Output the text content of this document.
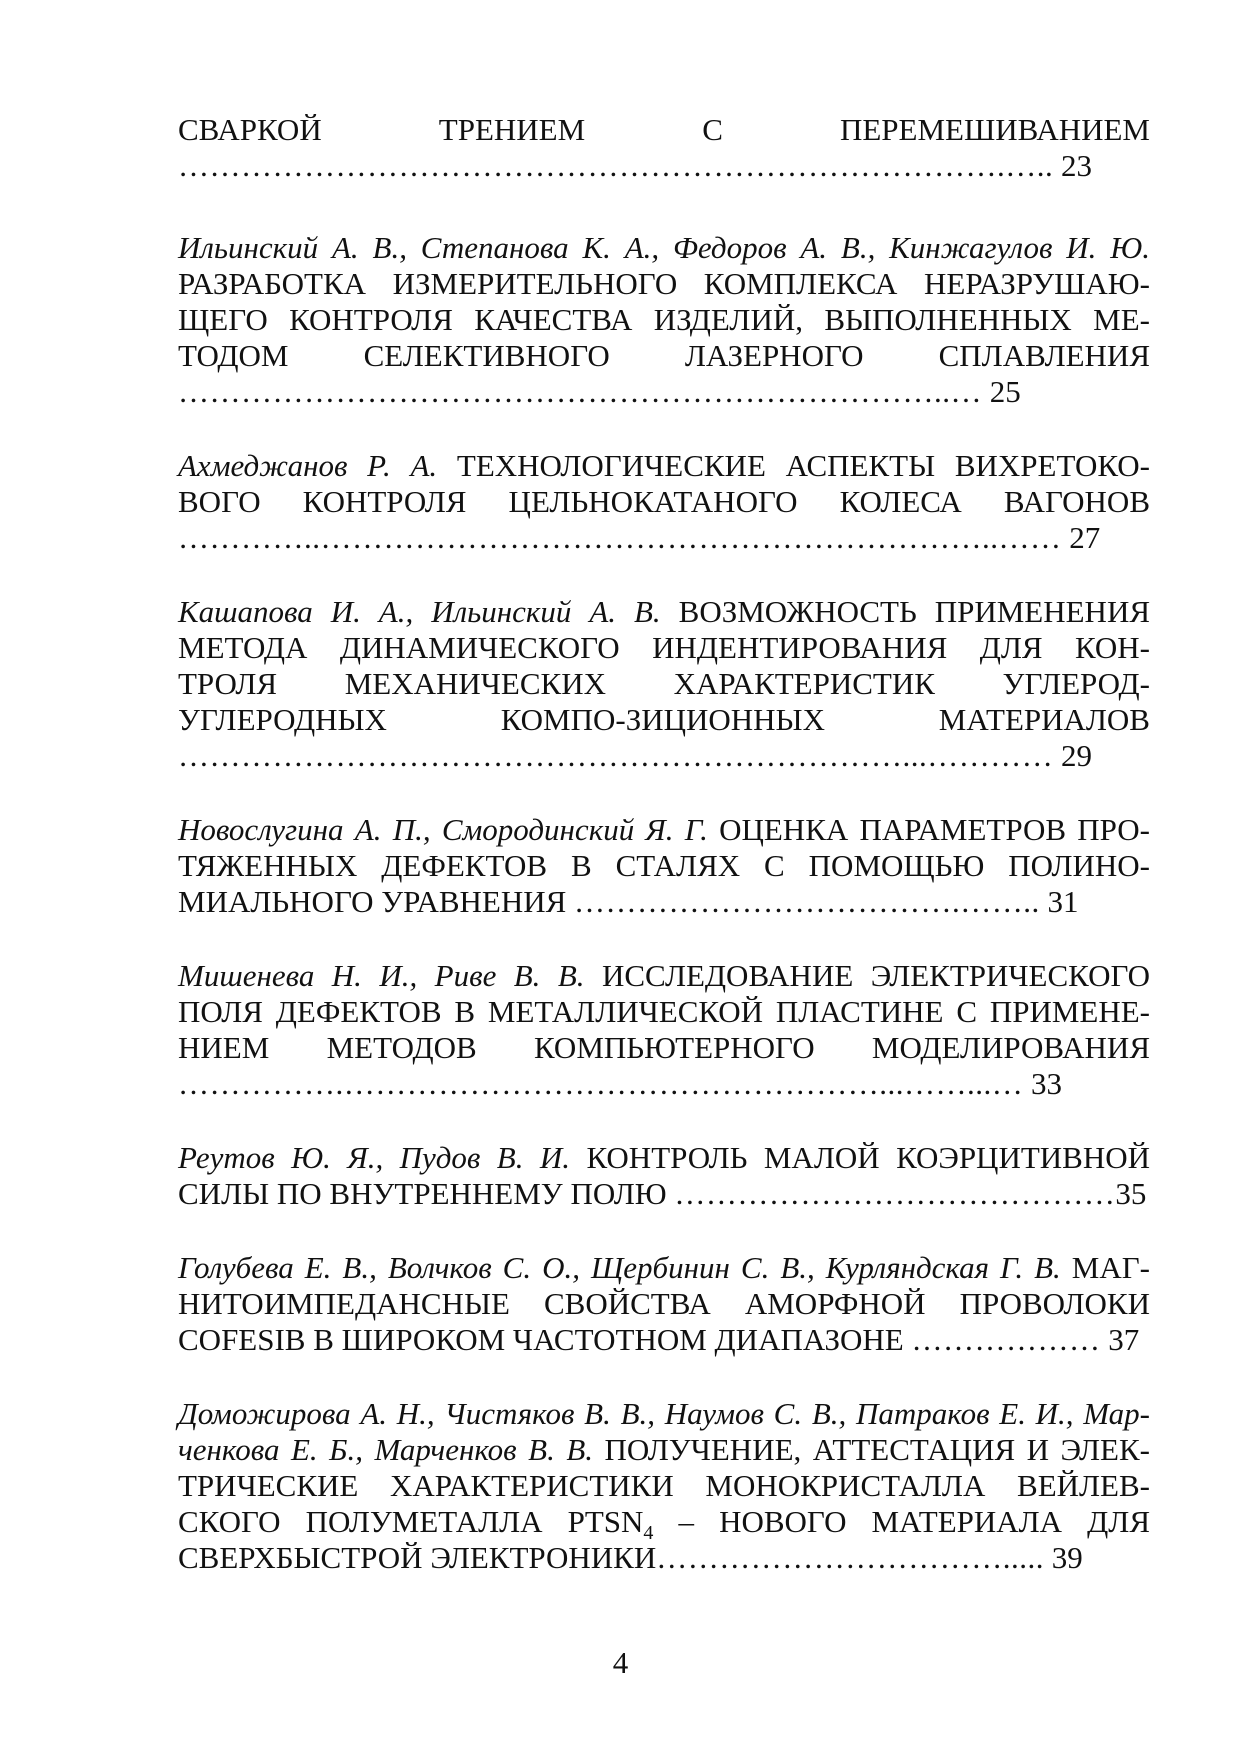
СВАРКОЙ ТРЕНИЕМ С ПЕРЕМЕШИВАНИЕМ …………………………………………………………………….….. 23

Ильинский А. В., Степанова К. А., Федоров А. В., Кинжагулов И. Ю. РАЗРАБОТКА ИЗМЕРИТЕЛЬНОГО КОМПЛЕКСА НЕРАЗРУШАЮ-ЩЕГО КОНТРОЛЯ КАЧЕСТВА ИЗДЕЛИЙ, ВЫПОЛНЕННЫХ МЕ-ТОДОМ СЕЛЕКТИВНОГО ЛАЗЕРНОГО СПЛАВЛЕНИЯ ………………………………………………………………..… 25

Ахмеджанов Р. А. ТЕХНОЛОГИЧЕСКИЕ АСПЕКТЫ ВИХРЕТОКО-ВОГО КОНТРОЛЯ ЦЕЛЬНОКАТАНОГО КОЛЕСА ВАГОНОВ …………..………………………………………………………..…… 27

Кашапова И. А., Ильинский А. В. ВОЗМОЖНОСТЬ ПРИМЕНЕНИЯ МЕТОДА ДИНАМИЧЕСКОГО ИНДЕНТИРОВАНИЯ ДЛЯ КОН-ТРОЛЯ МЕХАНИЧЕСКИХ ХАРАКТЕРИСТИК УГЛЕРОД-УГЛЕРОДНЫХ КОМПО-ЗИЦИОННЫХ МАТЕРИАЛОВ ……………………………………………………………...………… 29

Новослугина А. П., Смородинский Я. Г. ОЦЕНКА ПАРАМЕТРОВ ПРО-ТЯЖЕННЫХ ДЕФЕКТОВ В СТАЛЯХ С ПОМОЩЬЮ ПОЛИНО-МИАЛЬНОГО УРАВНЕНИЯ ……………………………….…….. 31

Мишенева Н. И., Риве В. В. ИССЛЕДОВАНИЕ ЭЛЕКТРИЧЕСКОГО ПОЛЯ ДЕФЕКТОВ В МЕТАЛЛИЧЕСКОЙ ПЛАСТИНЕ С ПРИМЕНЕ-НИЕМ МЕТОДОВ КОМПЬЮТЕРНОГО МОДЕЛИРОВАНИЯ …………….……………………………………………...……...… 33

Реутов Ю. Я., Пудов В. И. КОНТРОЛЬ МАЛОЙ КОЭРЦИТИВНОЙ СИЛЫ ПО ВНУТРЕННЕМУ ПОЛЮ ……………………………………35

Голубева Е. В., Волчков С. О., Щербинин С. В., Курляндская Г. В. МАГ-НИТОИМПЕДАНСНЫЕ СВОЙСТВА АМОРФНОЙ ПРОВОЛОКИ COFESIB В ШИРОКОМ ЧАСТОТНОМ ДИАПАЗОНЕ ……………… 37

Доможирова А. Н., Чистяков В. В., Наумов С. В., Патраков Е. И., Мар-ченкова Е. Б., Марченков В. В. ПОЛУЧЕНИЕ, АТТЕСТАЦИЯ И ЭЛЕК-ТРИЧЕСКИЕ ХАРАКТЕРИСТИКИ МОНОКРИСТАЛЛА ВЕЙЛЕВ-СКОГО ПОЛУМЕТАЛЛА $PTSN_4$ – НОВОГО МАТЕРИАЛА ДЛЯ СВЕРХБЫСТРОЙ ЭЛЕКТРОНИКИ……………………………..... 39

4
